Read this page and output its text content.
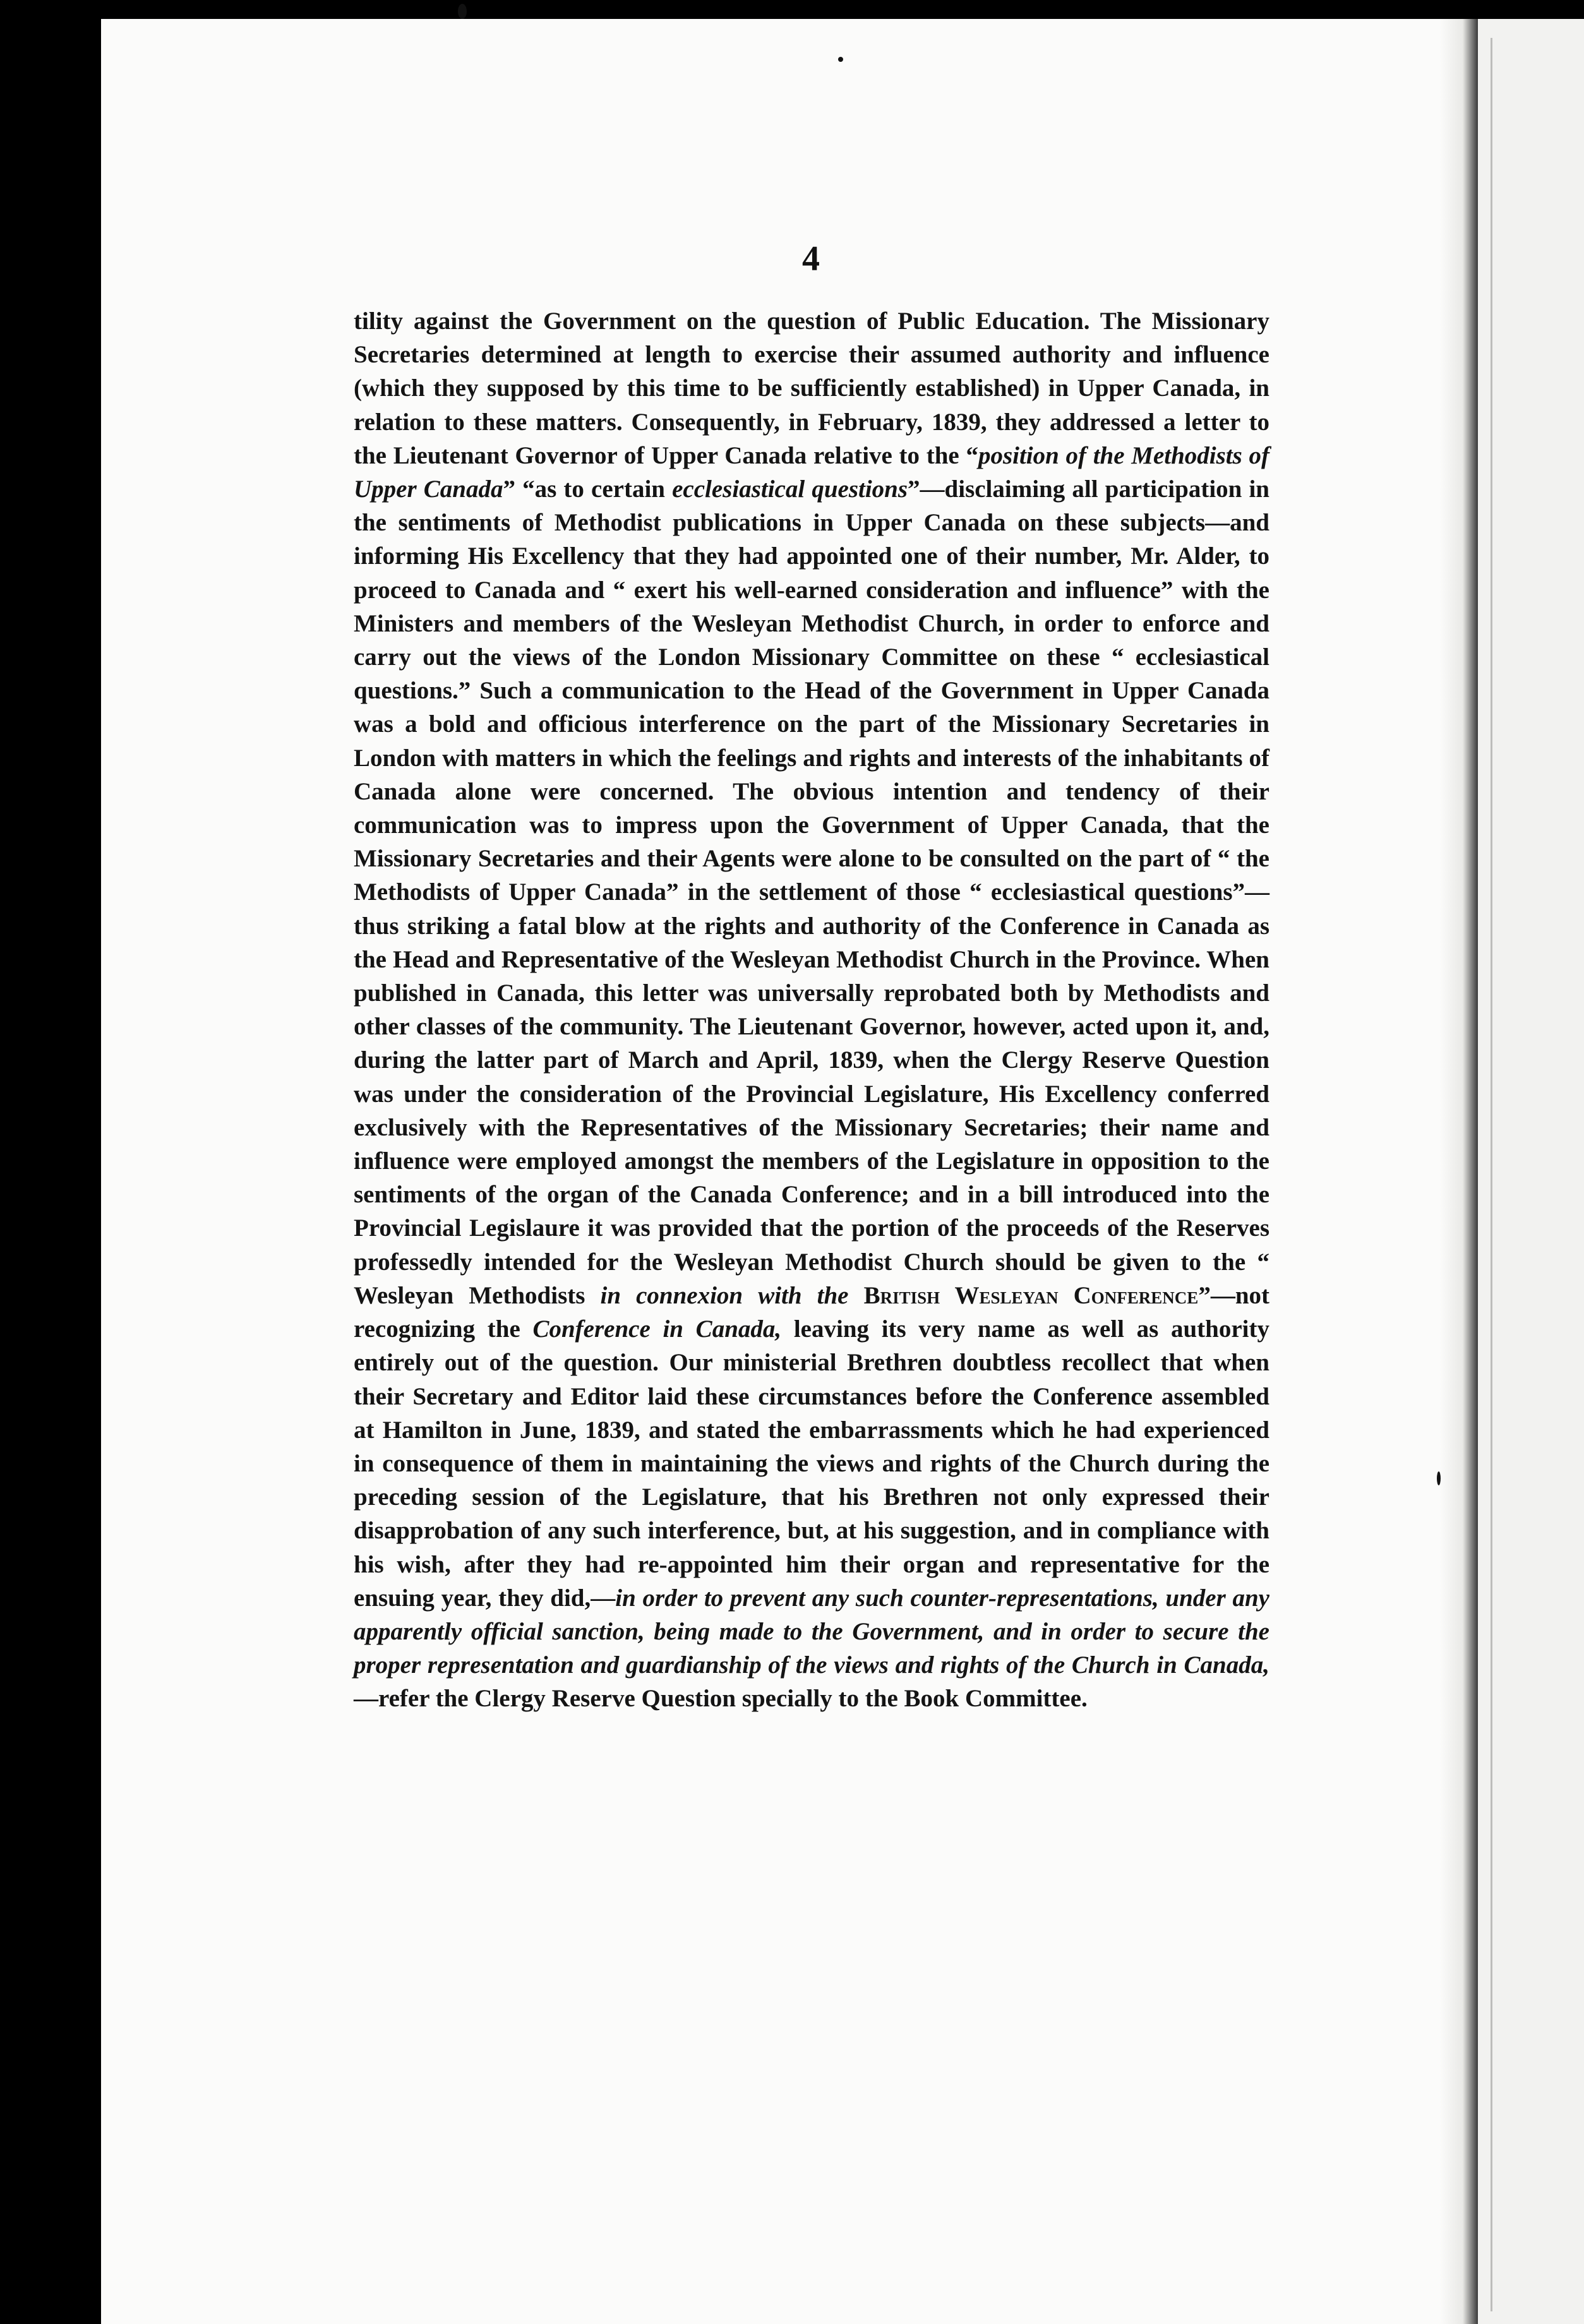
4

tility against the Government on the question of Public Education. The Missionary Secretaries determined at length to exercise their assumed authority and influence (which they supposed by this time to be sufficiently established) in Upper Canada, in relation to these matters. Consequently, in February, 1839, they addressed a letter to the Lieutenant Governor of Upper Canada relative to the “position of the Methodists of Upper Canada” “as to certain ecclesiastical questions”—disclaiming all participation in the sentiments of Methodist publications in Upper Canada on these subjects—and informing His Excellency that they had appointed one of their number, Mr. Alder, to proceed to Canada and “ exert his well-earned consideration and influence” with the Ministers and members of the Wesleyan Methodist Church, in order to enforce and carry out the views of the London Missionary Committee on these “ ecclesiastical questions.” Such a communication to the Head of the Government in Upper Canada was a bold and officious interference on the part of the Missionary Secretaries in London with matters in which the feelings and rights and interests of the inhabitants of Canada alone were concerned. The obvious intention and tendency of their communication was to impress upon the Government of Upper Canada, that the Missionary Secretaries and their Agents were alone to be consulted on the part of “ the Methodists of Upper Canada” in the settlement of those “ ecclesiastical questions”—thus striking a fatal blow at the rights and authority of the Conference in Canada as the Head and Representative of the Wesleyan Methodist Church in the Province. When published in Canada, this letter was universally reprobated both by Methodists and other classes of the community. The Lieutenant Governor, however, acted upon it, and, during the latter part of March and April, 1839, when the Clergy Reserve Question was under the consideration of the Provincial Legislature, His Excellency conferred exclusively with the Representatives of the Missionary Secretaries; their name and influence were employed amongst the members of the Legislature in opposition to the sentiments of the organ of the Canada Conference; and in a bill introduced into the Provincial Legislaure it was provided that the portion of the proceeds of the Reserves professedly intended for the Wesleyan Methodist Church should be given to the “ Wesleyan Methodists in connexion with the British Wesleyan Conference”—not recognizing the Conference in Canada, leaving its very name as well as authority entirely out of the question. Our ministerial Brethren doubtless recollect that when their Secretary and Editor laid these circumstances before the Conference assembled at Hamilton in June, 1839, and stated the embarrassments which he had experienced in consequence of them in maintaining the views and rights of the Church during the preceding session of the Legislature, that his Brethren not only expressed their disapprobation of any such interference, but, at his suggestion, and in compliance with his wish, after they had re-appointed him their organ and representative for the ensuing year, they did,—in order to prevent any such counter-representations, under any apparently official sanction, being made to the Government, and in order to secure the proper representation and guardianship of the views and rights of the Church in Canada,—refer the Clergy Reserve Question specially to the Book Committee.
